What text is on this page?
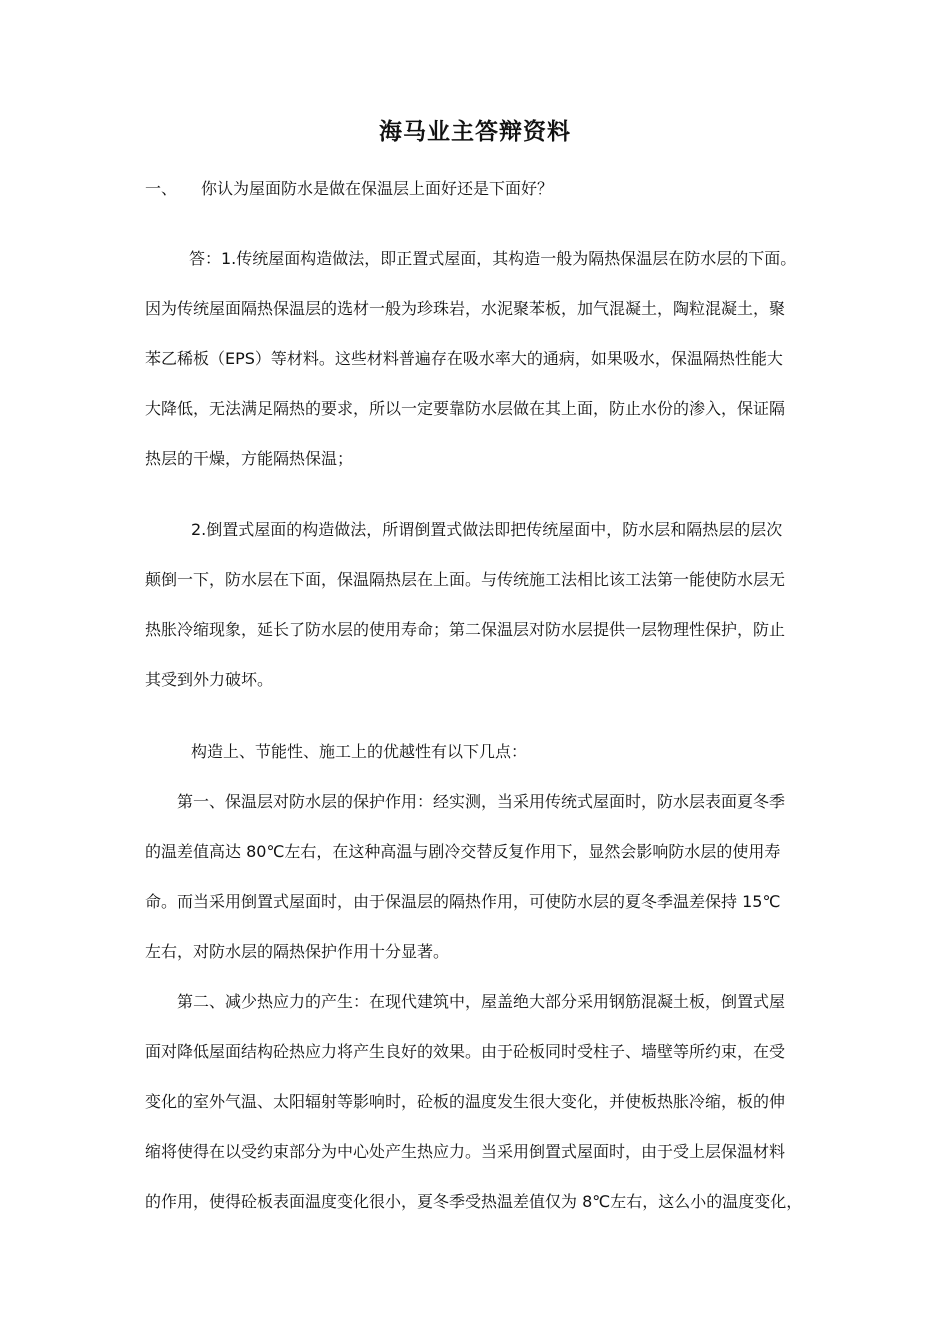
海马业主答辩资料
一、 你认为屋面防水是做在保温层上面好还是下面好？
答：1.传统屋面构造做法，即正置式屋面，其构造一般为隔热保温层在防水层的下面。
因为传统屋面隔热保温层的选材一般为珍珠岩，水泥聚苯板，加气混凝土，陶粒混凝土，聚
苯乙稀板（EPS）等材料。这些材料普遍存在吸水率大的通病，如果吸水，保温隔热性能大
大降低，无法满足隔热的要求，所以一定要靠防水层做在其上面，防止水份的渗入，保证隔
热层的干燥，方能隔热保温；
2.倒置式屋面的构造做法，所谓倒置式做法即把传统屋面中，防水层和隔热层的层次
颠倒一下，防水层在下面，保温隔热层在上面。与传统施工法相比该工法第一能使防水层无
热胀冷缩现象，延长了防水层的使用寿命；第二保温层对防水层提供一层物理性保护，防止
其受到外力破坏。
构造上、节能性、施工上的优越性有以下几点：
第一、保温层对防水层的保护作用：经实测，当采用传统式屋面时，防水层表面夏冬季
的温差值高达 80℃左右，在这种高温与剧冷交替反复作用下，显然会影响防水层的使用寿
命。而当采用倒置式屋面时，由于保温层的隔热作用，可使防水层的夏冬季温差保持 15℃
左右，对防水层的隔热保护作用十分显著。
第二、减少热应力的产生：在现代建筑中，屋盖绝大部分采用钢筋混凝土板，倒置式屋
面对降低屋面结构砼热应力将产生良好的效果。由于砼板同时受柱子、墙壁等所约束，在受
变化的室外气温、太阳辐射等影响时，砼板的温度发生很大变化，并使板热胀冷缩，板的伸
缩将使得在以受约束部分为中心处产生热应力。当采用倒置式屋面时，由于受上层保温材料
的作用，使得砼板表面温度变化很小，夏冬季受热温差值仅为 8℃左右，这么小的温度变化，
